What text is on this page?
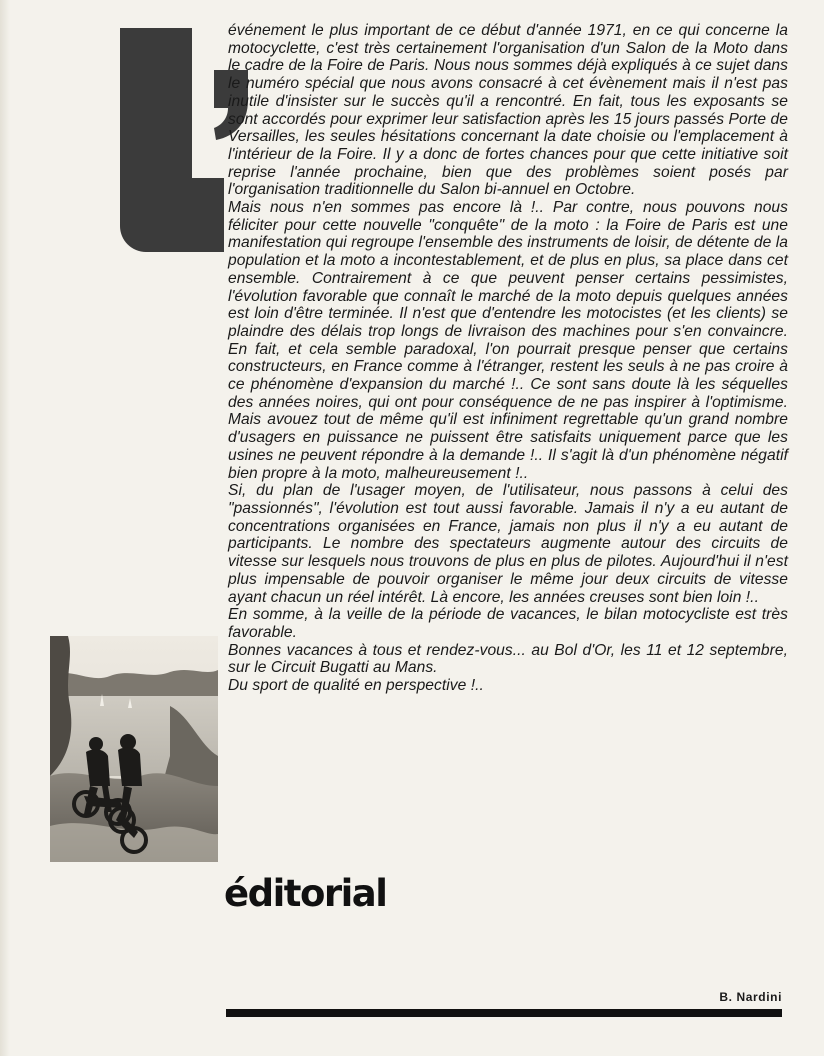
événement le plus important de ce début d'année 1971, en ce qui concerne la motocyclette, c'est très certainement l'organisation d'un Salon de la Moto dans le cadre de la Foire de Paris. Nous nous sommes déjà expliqués à ce sujet dans le numéro spécial que nous avons consacré à cet évènement mais il n'est pas inutile d'insister sur le succès qu'il a rencontré. En fait, tous les exposants se sont accordés pour exprimer leur satisfaction après les 15 jours passés Porte de Versailles, les seules hésitations concernant la date choisie ou l'emplacement à l'intérieur de la Foire. Il y a donc de fortes chances pour que cette initiative soit reprise l'année prochaine, bien que des problèmes soient posés par l'organisation traditionnelle du Salon bi-annuel en Octobre.

Mais nous n'en sommes pas encore là !.. Par contre, nous pouvons nous féliciter pour cette nouvelle "conquête" de la moto : la Foire de Paris est une manifestation qui regroupe l'ensemble des instruments de loisir, de détente de la population et la moto a incontestablement, et de plus en plus, sa place dans cet ensemble. Contrairement à ce que peuvent penser certains pessimistes, l'évolution favorable que connaît le marché de la moto depuis quelques années est loin d'être terminée. Il n'est que d'entendre les motocistes (et les clients) se plaindre des délais trop longs de livraison des machines pour s'en convaincre. En fait, et cela semble paradoxal, l'on pourrait presque penser que certains constructeurs, en France comme à l'étranger, restent les seuls à ne pas croire à ce phénomène d'expansion du marché !.. Ce sont sans doute là les séquelles des années noires, qui ont pour conséquence de ne pas inspirer à l'optimisme. Mais avouez tout de même qu'il est infiniment regrettable qu'un grand nombre d'usagers en puissance ne puissent être satisfaits uniquement parce que les usines ne peuvent répondre à la demande !.. Il s'agit là d'un phénomène négatif bien propre à la moto, malheureusement !..

Si, du plan de l'usager moyen, de l'utilisateur, nous passons à celui des "passionnés", l'évolution est tout aussi favorable. Jamais il n'y a eu autant de concentrations organisées en France, jamais non plus il n'y a eu autant de participants. Le nombre des spectateurs augmente autour des circuits de vitesse sur lesquels nous trouvons de plus en plus de pilotes. Aujourd'hui il n'est plus impensable de pouvoir organiser le même jour deux circuits de vitesse ayant chacun un réel intérêt. Là encore, les années creuses sont bien loin !..

En somme, à la veille de la période de vacances, le bilan motocycliste est très favorable.

Bonnes vacances à tous et rendez-vous... au Bol d'Or, les 11 et 12 septembre, sur le Circuit Bugatti au Mans.

Du sport de qualité en perspective !..

éditorial
B. Nardini
